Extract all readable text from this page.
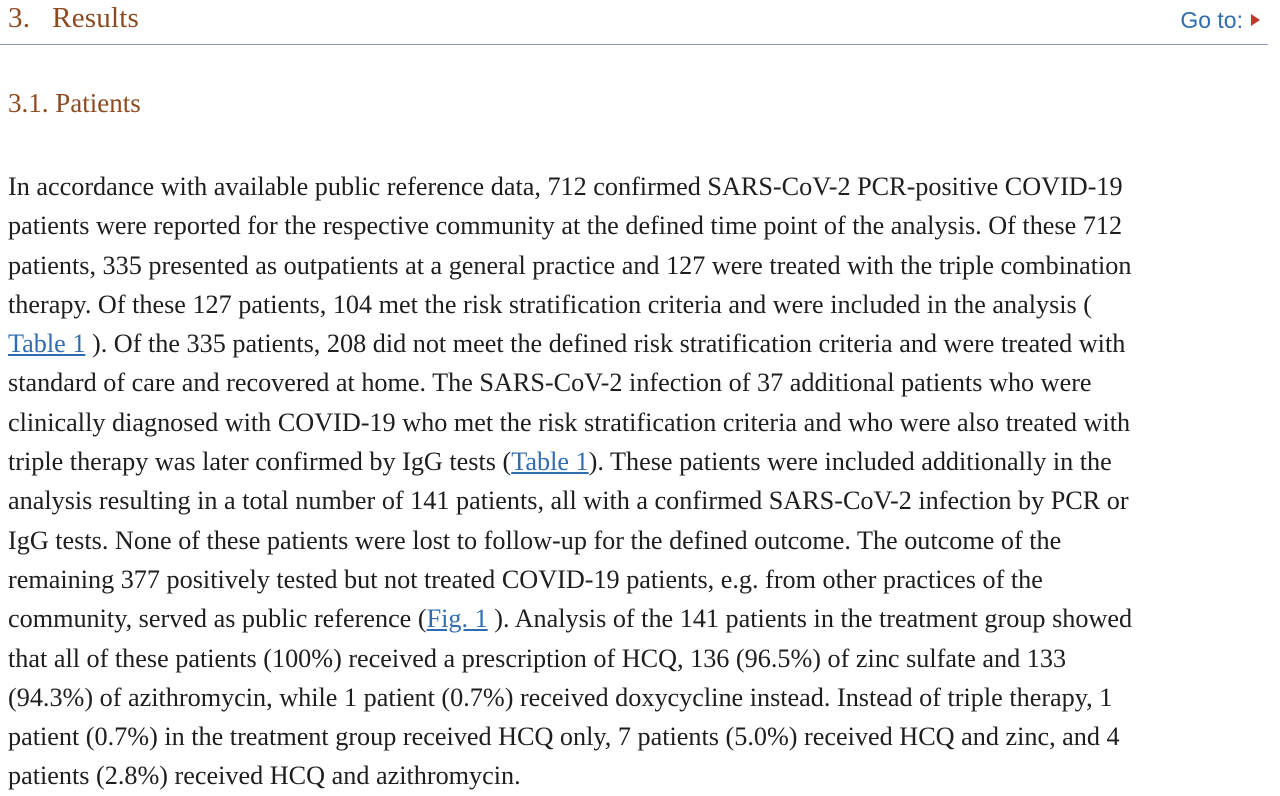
3. Results	Go to:
3.1. Patients

In accordance with available public reference data, 712 confirmed SARS-CoV-2 PCR-positive COVID-19
patients were reported for the respective community at the defined time point of the analysis. Of these 712
patients, 335 presented as outpatients at a general practice and 127 were treated with the triple combination
therapy. Of these 127 patients, 104 met the risk stratification criteria and were included in the analysis (
Table 1 ). Of the 335 patients, 208 did not meet the defined risk stratification criteria and were treated with
standard of care and recovered at home. The SARS-CoV-2 infection of 37 additional patients who were
clinically diagnosed with COVID-19 who met the risk stratification criteria and who were also treated with
triple therapy was later confirmed by IgG tests (Table 1). These patients were included additionally in the
analysis resulting in a total number of 141 patients, all with a confirmed SARS-CoV-2 infection by PCR or
IgG tests. None of these patients were lost to follow-up for the defined outcome. The outcome of the
remaining 377 positively tested but not treated COVID-19 patients, e.g. from other practices of the
community, served as public reference (Fig. 1 ). Analysis of the 141 patients in the treatment group showed
that all of these patients (100%) received a prescription of HCQ, 136 (96.5%) of zinc sulfate and 133
(94.3%) of azithromycin, while 1 patient (0.7%) received doxycycline instead. Instead of triple therapy, 1
patient (0.7%) in the treatment group received HCQ only, 7 patients (5.0%) received HCQ and zinc, and 4
patients (2.8%) received HCQ and azithromycin.
